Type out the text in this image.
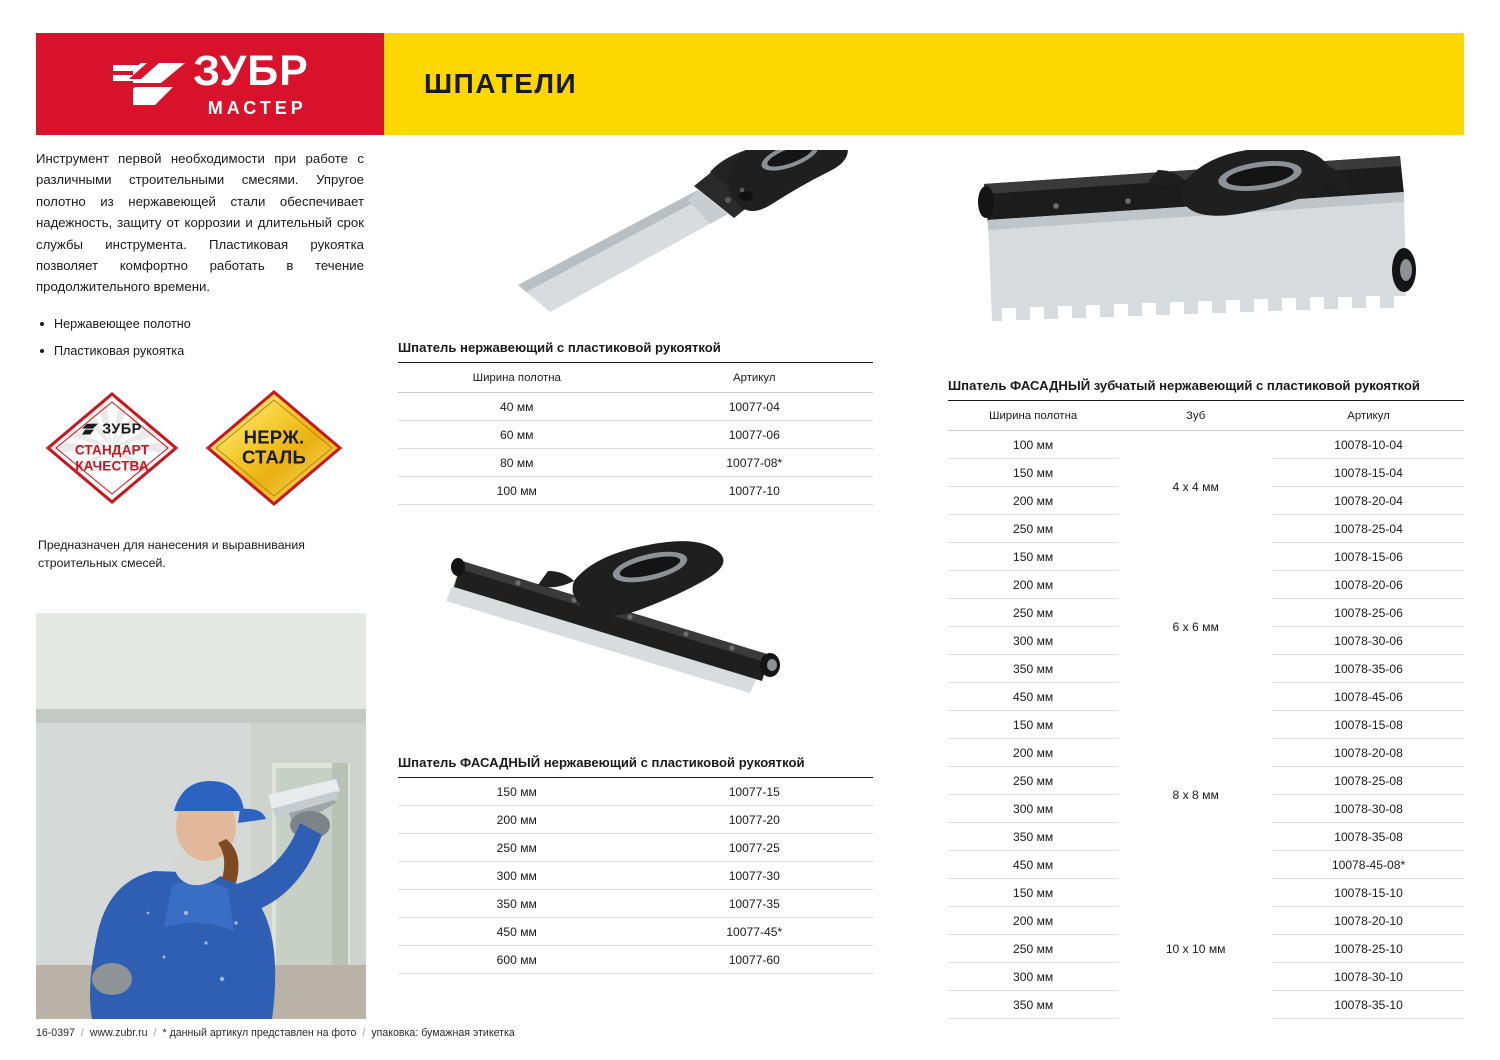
ЗУБР
МАСТЕР
ШПАТЕЛИ
Инструмент первой необходимости при работе с различными строительными смесями. Упругое полотно из нержавеющей стали обеспечивает надежность, защиту от коррозии и длительный срок службы инструмента. Пластиковая рукоятка позволяет комфортно работать в течение продолжительного времени.
Нержавеющее полотно
Пластиковая рукоятка
ЗУБР
СТАНДАРТ
КАЧЕСТВА
НЕРЖ.
СТАЛЬ
Предназначен для нанесения и выравнивания строительных смесей.
16-0397 / www.zubr.ru / * данный артикул представлен на фото / упаковка: бумажная этикетка
Шпатель нержавеющий с пластиковой рукояткой
Ширина полотна	Артикул
40 мм	10077-04
60 мм	10077-06
80 мм	10077-08*
100 мм	10077-10
Шпатель ФАСАДНЫЙ нержавеющий с пластиковой рукояткой
150 мм	10077-15
200 мм	10077-20
250 мм	10077-25
300 мм	10077-30
350 мм	10077-35
450 мм	10077-45*
600 мм	10077-60
Шпатель ФАСАДНЫЙ зубчатый нержавеющий с пластиковой рукояткой
Ширина полотна	Зуб	Артикул
100 мм	4 х 4 мм	10078-10-04
150 мм		10078-15-04
200 мм		10078-20-04
250 мм		10078-25-04
150 мм	6 х 6 мм	10078-15-06
200 мм		10078-20-06
250 мм		10078-25-06
300 мм		10078-30-06
350 мм		10078-35-06
450 мм		10078-45-06
150 мм	8 х 8 мм	10078-15-08
200 мм		10078-20-08
250 мм		10078-25-08
300 мм		10078-30-08
350 мм		10078-35-08
450 мм		10078-45-08*
150 мм	10 х 10 мм	10078-15-10
200 мм		10078-20-10
250 мм		10078-25-10
300 мм		10078-30-10
350 мм		10078-35-10
